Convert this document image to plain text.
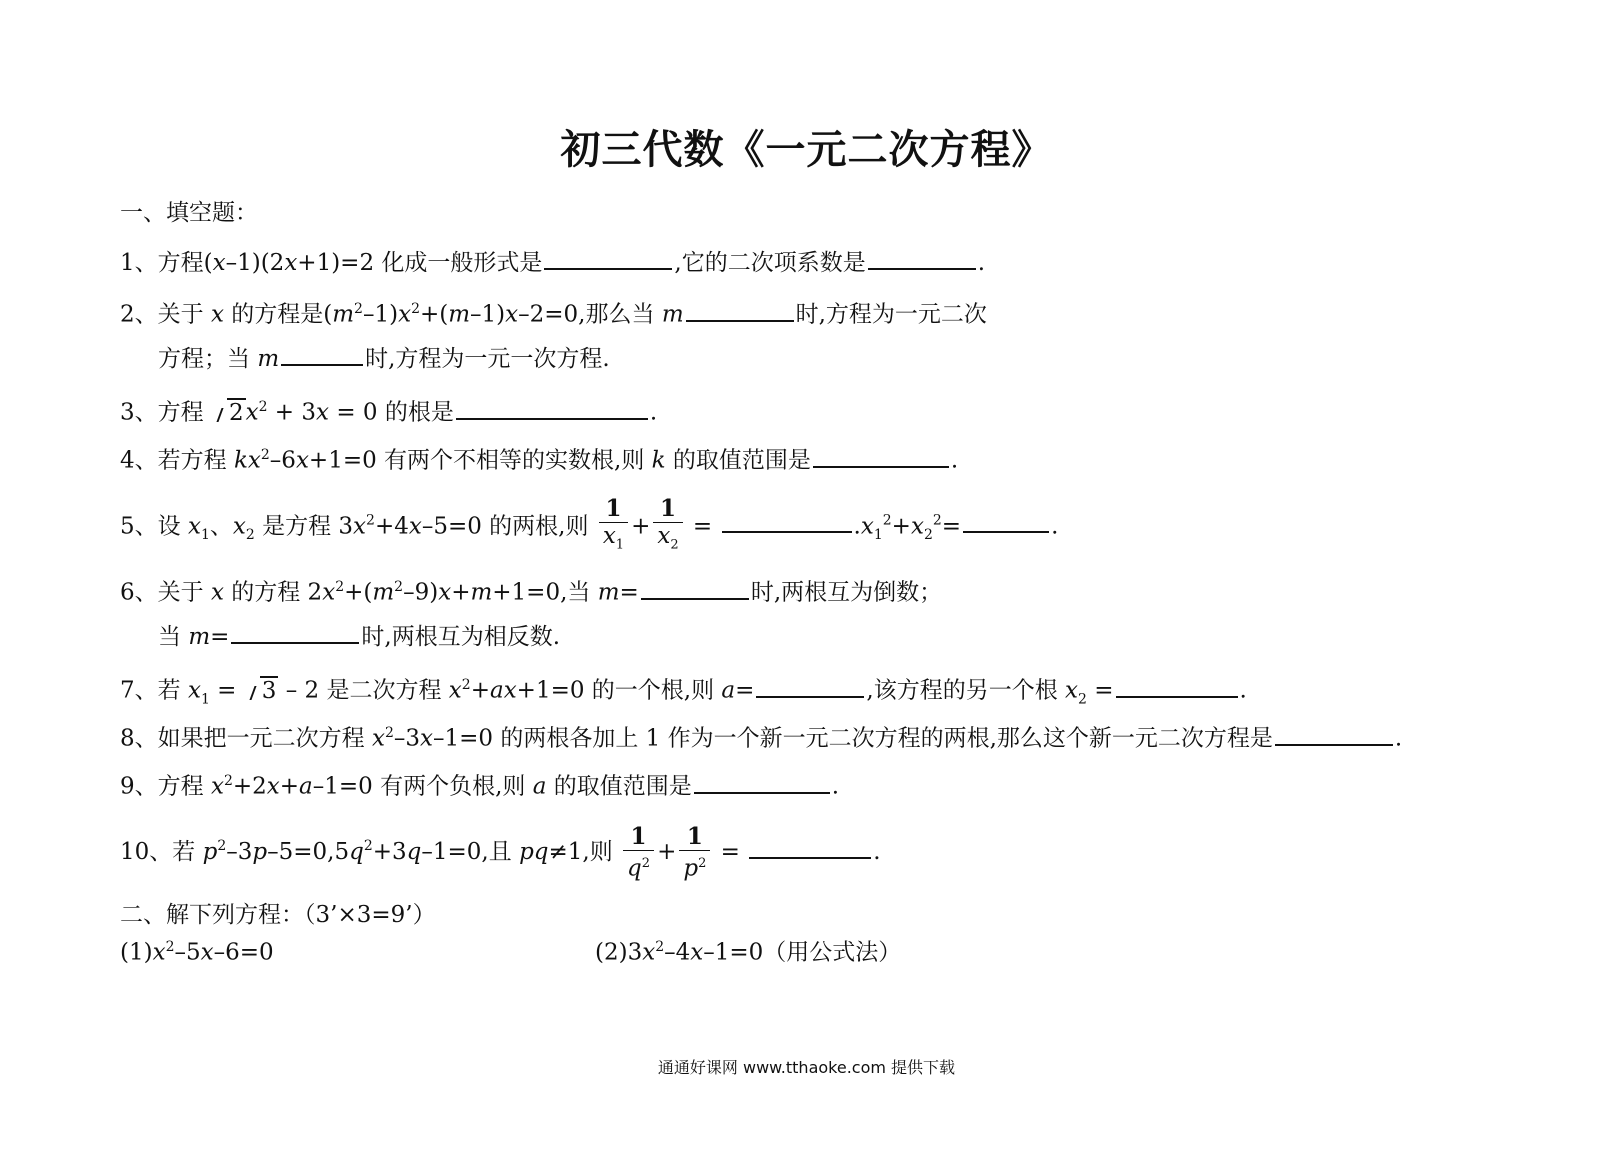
初三代数《一元二次方程》
一、填空题：
1、方程(x–1)(2x+1)=2 化成一般形式是	,它的二次项系数是	.
2、关于 x 的方程是$(m^2-1)x^2+(m-1)x-2=0$,那么当 m	时,方程为一元二次
方程；当 m	时,方程为一元一次方程.
3、方程 $2x^2 + 3x = 0$ 的根是	.
4、若方程 $kx^2-6x+1=0$ 有两个不相等的实数根,则 k 的取值范围是	.
5、设 $x_1$、$x_2$ 是方程 $3x^2+4x-5=0$ 的两根,则 $\frac{1}{x_1} + \frac{1}{x_2}$ =	$.x_1^2+x_2^2=$	.
6、关于 x 的方程 $2x^2+(m^2-9)x+m+1=0$,当 m=	时,两根互为倒数；
当 m=	时,两根互为相反数.
7、若 $x_1 = 3 - 2$ 是二次方程 $x^2+ax+1=0$ 的一个根,则 a=	,该方程的另一个根 $x_2$ =	.
8、如果把一元二次方程 $x^2-3x-1=0$ 的两根各加上 1 作为一个新一元二次方程的两根,那么这个新一元二次方程是	.
9、方程 $x^2+2x+a-1=0$ 有两个负根,则 a 的取值范围是	.
10、若 $p^2-3p-5=0,5q^2+3q-1=0$,且 pq≠1,则 $\frac{1}{q^2} + \frac{1}{p^2}$ =	.
二、解下列方程：（3’×3=9’）
$(1)x^2-5x-6=0$	$(2)3x^2-4x-1=0$（用公式法）
通通好课网 www.tthaoke.com 提供下载
